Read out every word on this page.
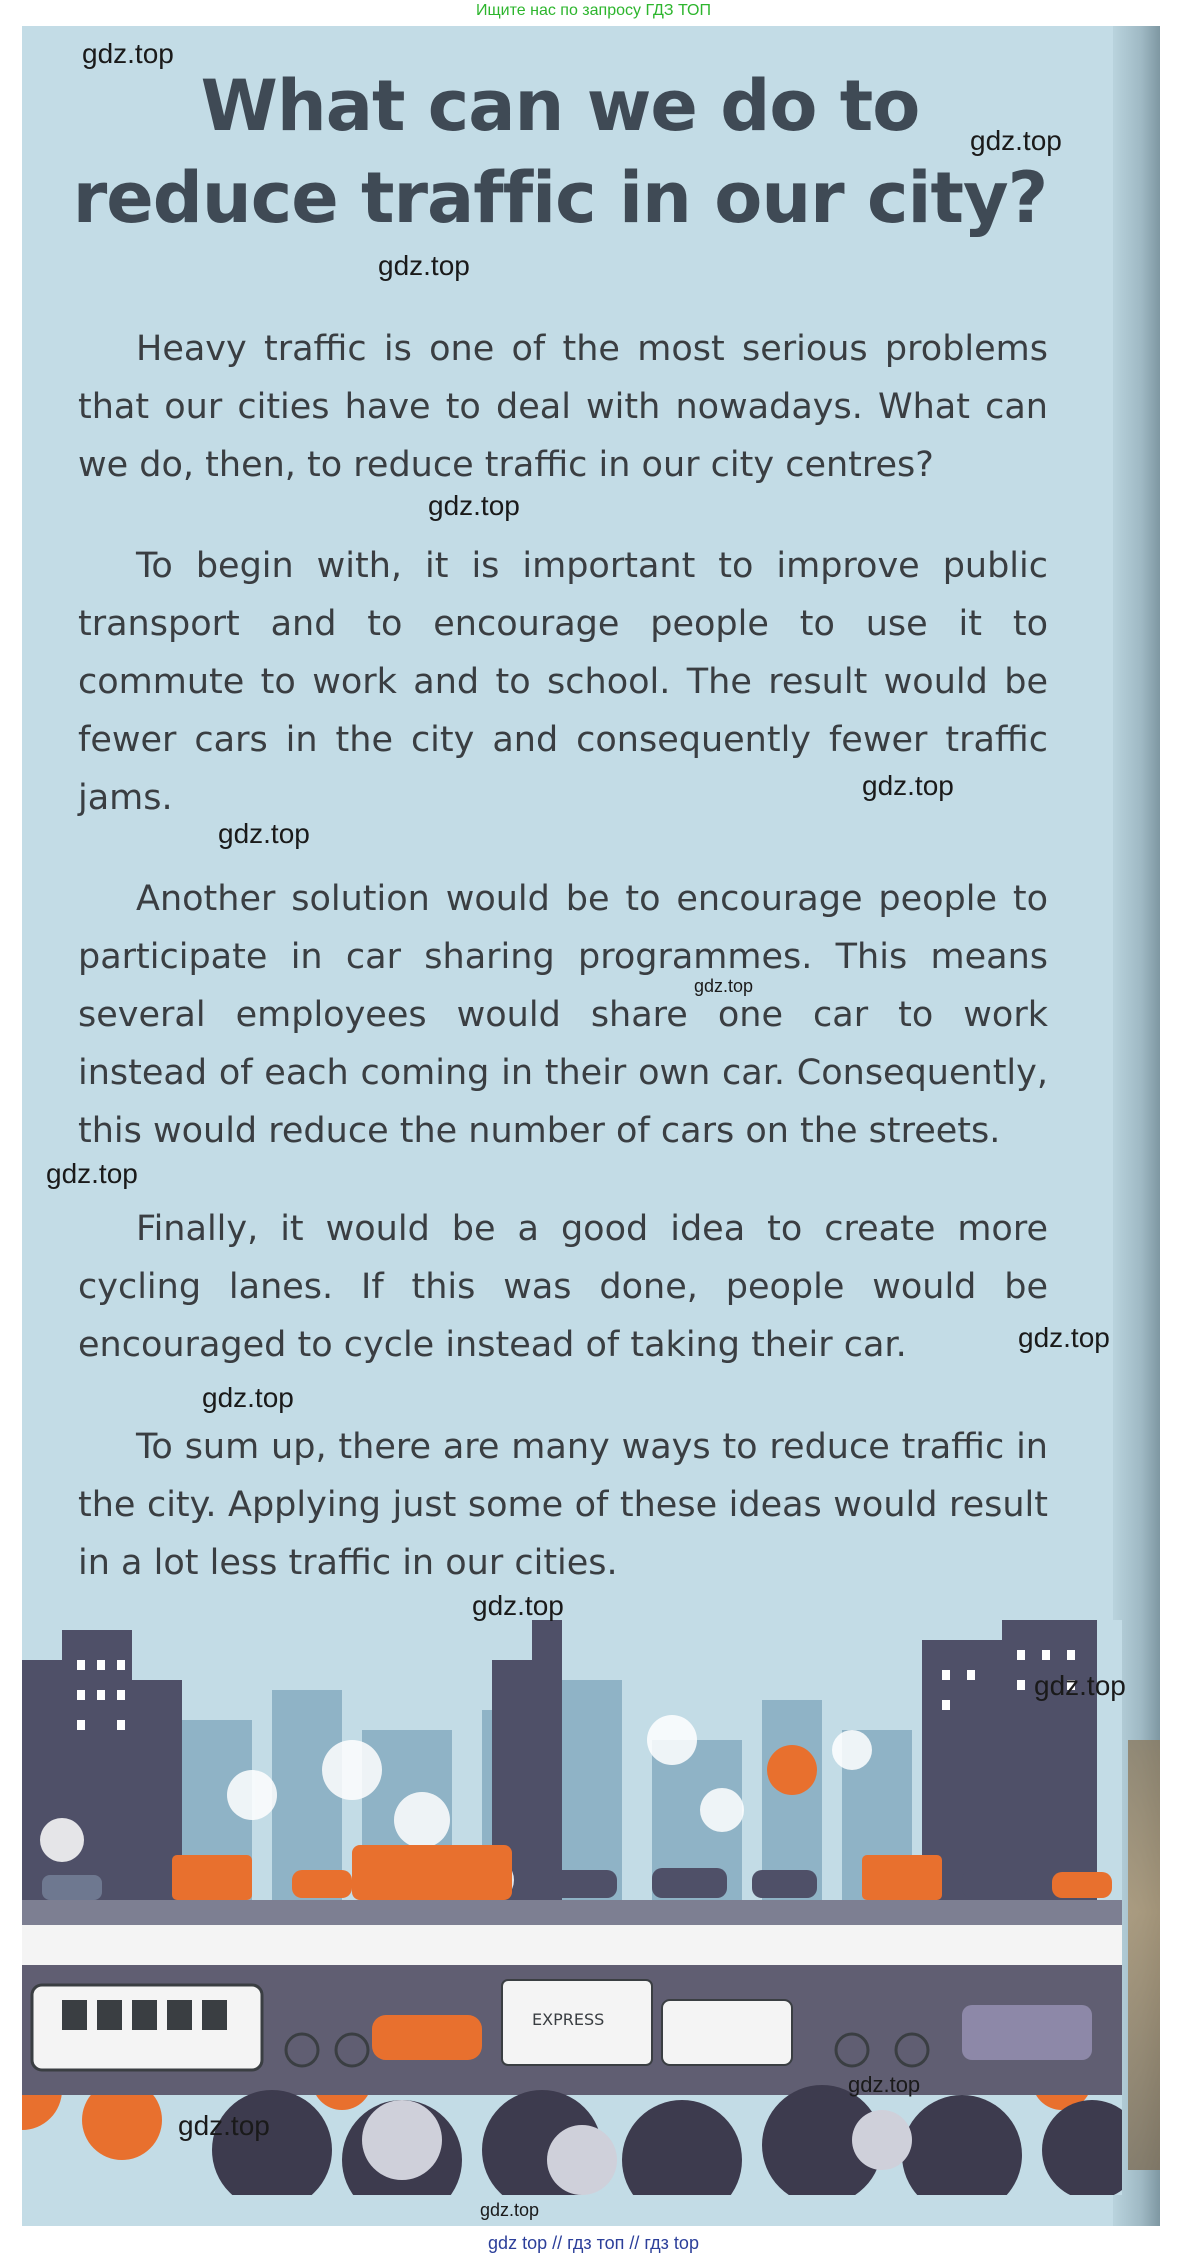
Ищите нас по запросу ГДЗ ТОП
What can we do to
reduce traffic in our city?
Heavy traffic is one of the most serious problems that our cities have to deal with nowadays. What can we do, then, to reduce traffic in our city centres?
To begin with, it is important to improve public transport and to encourage people to use it to commute to work and to school. The result would be fewer cars in the city and consequently fewer traffic jams.
Another solution would be to encourage people to participate in car sharing programmes. This means several employees would share one car to work instead of each coming in their own car. Consequently, this would reduce the number of cars on the streets.
Finally, it would be a good idea to create more cycling lanes. If this was done, people would be encouraged to cycle instead of taking their car.
To sum up, there are many ways to reduce traffic in the city. Applying just some of these ideas would result in a lot less traffic in our cities.
EXPRESS
gdz.top
gdz.top
gdz.top
gdz.top
gdz.top
gdz.top
gdz.top
gdz.top
gdz.top
gdz.top
gdz.top
gdz.top
gdz.top
gdz.top
gdz.top
gdz top // гдз топ // гдз top
